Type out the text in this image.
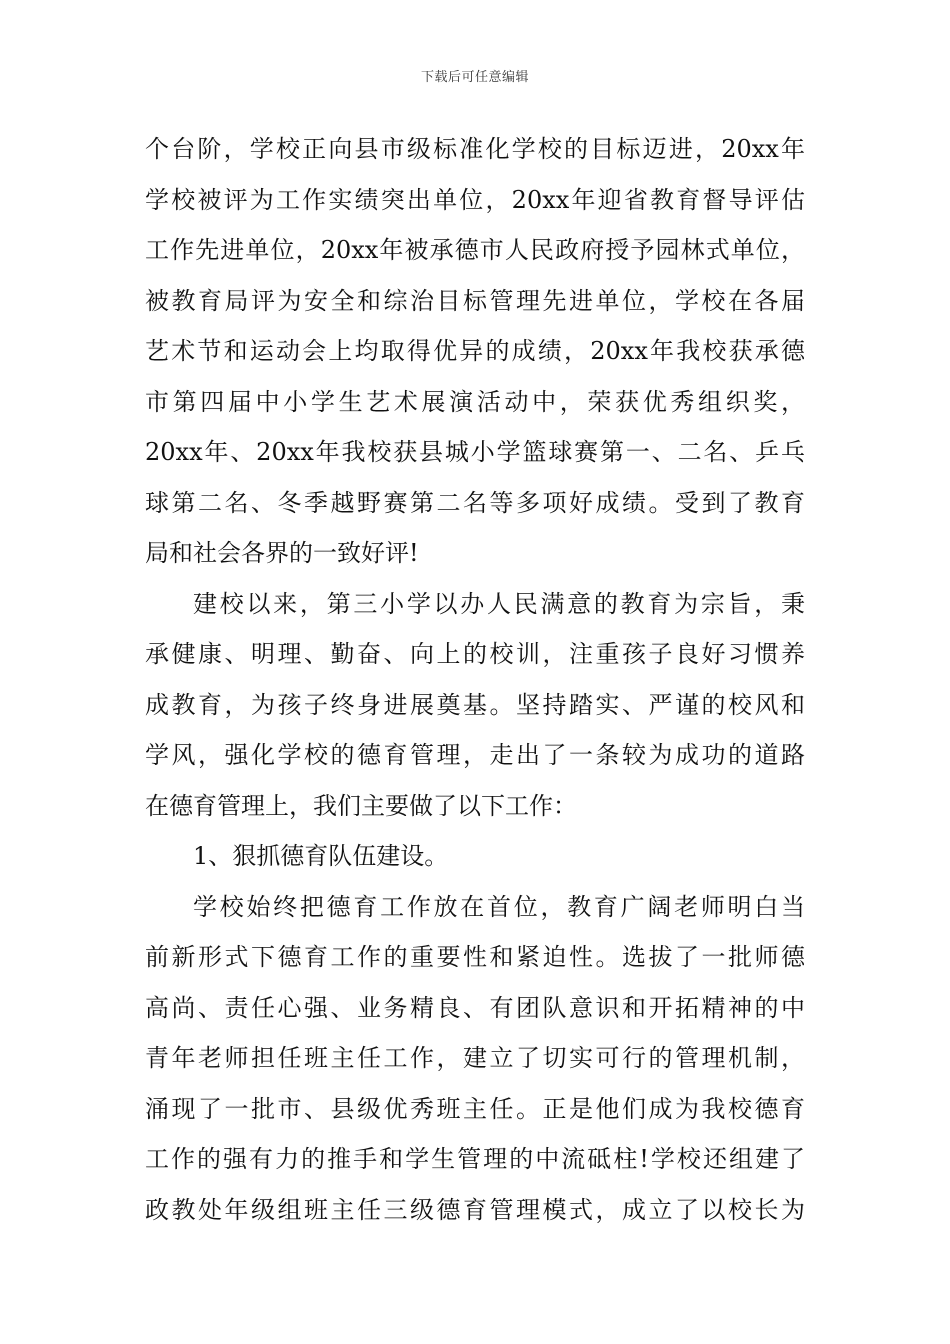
下载后可任意编辑
个台阶，学校正向县市级标准化学校的目标迈进，20xx年
学校被评为工作实绩突出单位，20xx年迎省教育督导评估
工作先进单位，20xx年被承德市人民政府授予园林式单位，
被教育局评为安全和综治目标管理先进单位，学校在各届
艺术节和运动会上均取得优异的成绩，20xx年我校获承德
市第四届中小学生艺术展演活动中，荣获优秀组织奖，
20xx年、20xx年我校获县城小学篮球赛第一、二名、乒乓
球第二名、冬季越野赛第二名等多项好成绩。受到了教育
局和社会各界的一致好评!
建校以来，第三小学以办人民满意的教育为宗旨，秉
承健康、明理、勤奋、向上的校训，注重孩子良好习惯养
成教育，为孩子终身进展奠基。坚持踏实、严谨的校风和
学风，强化学校的德育管理，走出了一条较为成功的道路
在德育管理上，我们主要做了以下工作：
1、狠抓德育队伍建设。
学校始终把德育工作放在首位，教育广阔老师明白当
前新形式下德育工作的重要性和紧迫性。选拔了一批师德
高尚、责任心强、业务精良、有团队意识和开拓精神的中
青年老师担任班主任工作，建立了切实可行的管理机制，
涌现了一批市、县级优秀班主任。正是他们成为我校德育
工作的强有力的推手和学生管理的中流砥柱!学校还组建了
政教处年级组班主任三级德育管理模式，成立了以校长为
